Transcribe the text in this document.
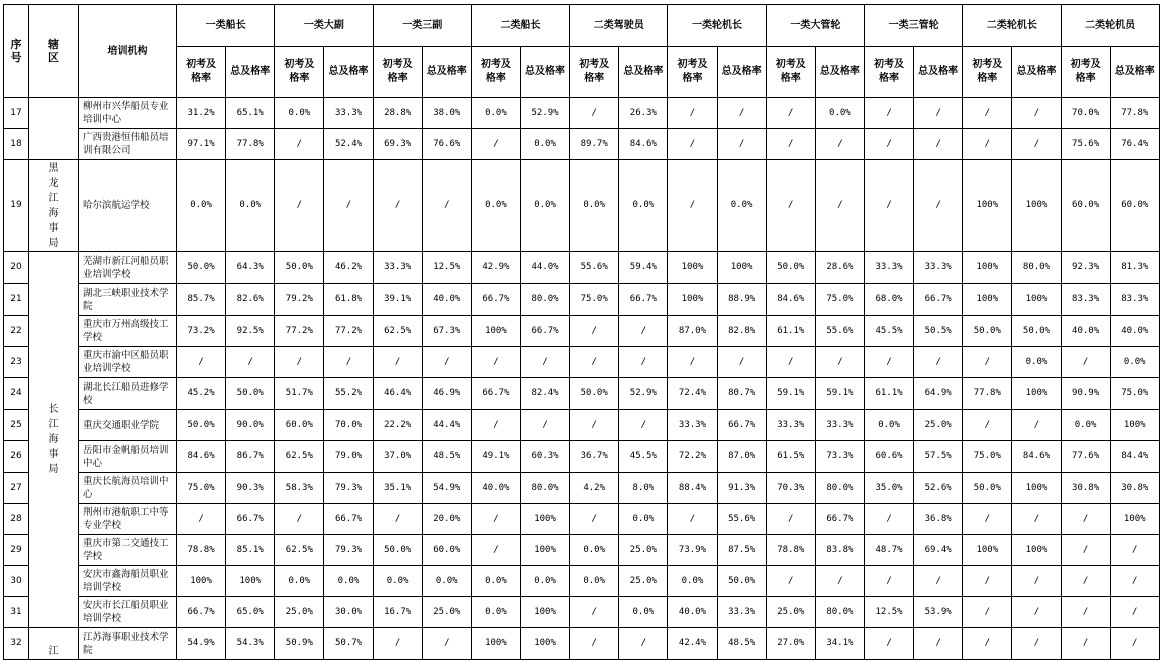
序号	辖区	培训机构	一类船长		一类大副		一类三副		二类船长		二类驾驶员		一类轮机长		一类大管轮		一类三管轮		二类轮机长		二类轮机员	
			初考及格率	总及格率	初考及格率	总及格率	初考及格率	总及格率	初考及格率	总及格率	初考及格率	总及格率	初考及格率	总及格率	初考及格率	总及格率	初考及格率	总及格率	初考及格率	总及格率	初考及格率	总及格率
17		柳州市兴华船员专业培训中心	31.2%	65.1%	0.0%	33.3%	28.8%	38.0%	0.0%	52.9%	/	26.3%	/	/	/	0.0%	/	/	/	/	70.0%	77.8%
18		广西贵港恒伟船员培训有限公司	97.1%	77.8%	/	52.4%	69.3%	76.6%	/	0.0%	89.7%	84.6%	/	/	/	/	/	/	/	/	75.6%	76.4%
19	黑龙江海事局	哈尔滨航运学校	0.0%	0.0%	/	/	/	/	0.0%	0.0%	0.0%	0.0%	/	0.0%	/	/	/	/	100%	100%	60.0%	60.0%
20	长江海事局	芜湖市新江河船员职业培训学校	50.0%	64.3%	50.0%	46.2%	33.3%	12.5%	42.9%	44.0%	55.6%	59.4%	100%	100%	50.0%	28.6%	33.3%	33.3%	100%	80.0%	92.3%	81.3%
21		湖北三峡职业技术学院	85.7%	82.6%	79.2%	61.8%	39.1%	40.0%	66.7%	80.0%	75.0%	66.7%	100%	88.9%	84.6%	75.0%	68.0%	66.7%	100%	100%	83.3%	83.3%
22		重庆市万州高级技工学校	73.2%	92.5%	77.2%	77.2%	62.5%	67.3%	100%	66.7%	/	/	87.0%	82.8%	61.1%	55.6%	45.5%	50.5%	50.0%	50.0%	40.0%	40.0%
23		重庆市渝中区船员职业培训学校	/	/	/	/	/	/	/	/	/	/	/	/	/	/	/	/	/	0.0%	/	0.0%
24		湖北长江船员进修学校	45.2%	50.0%	51.7%	55.2%	46.4%	46.9%	66.7%	82.4%	50.0%	52.9%	72.4%	80.7%	59.1%	59.1%	61.1%	64.9%	77.8%	100%	90.9%	75.0%
25		重庆交通职业学院	50.0%	90.0%	60.0%	70.0%	22.2%	44.4%	/	/	/	/	33.3%	66.7%	33.3%	33.3%	0.0%	25.0%	/	/	0.0%	100%
26		岳阳市金帆船员培训中心	84.6%	86.7%	62.5%	79.0%	37.0%	48.5%	49.1%	60.3%	36.7%	45.5%	72.2%	87.0%	61.5%	73.3%	60.6%	57.5%	75.0%	84.6%	77.6%	84.4%
27		重庆长航海员培训中心	75.0%	90.3%	58.3%	79.3%	35.1%	54.9%	40.0%	80.0%	4.2%	8.0%	88.4%	91.3%	70.3%	80.0%	35.0%	52.6%	50.0%	100%	30.8%	30.8%
28		荆州市港航职工中等专业学校	/	66.7%	/	66.7%	/	20.0%	/	100%	/	0.0%	/	55.6%	/	66.7%	/	36.8%	/	/	/	100%
29		重庆市第二交通技工学校	78.8%	85.1%	62.5%	79.3%	50.0%	60.0%	/	100%	0.0%	25.0%	73.9%	87.5%	78.8%	83.8%	48.7%	69.4%	100%	100%	/	/
30		安庆市鑫海船员职业培训学校	100%	100%	0.0%	0.0%	0.0%	0.0%	0.0%	0.0%	0.0%	25.0%	0.0%	50.0%	/	/	/	/	/	/	/	/
31		安庆市长江船员职业培训学校	66.7%	65.0%	25.0%	30.0%	16.7%	25.0%	0.0%	100%	/	0.0%	40.0%	33.3%	25.0%	80.0%	12.5%	53.9%	/	/	/	/
32	江	江苏海事职业技术学院	54.9%	54.3%	50.9%	50.7%	/	/	100%	100%	/	/	42.4%	48.5%	27.0%	34.1%	/	/	/	/	/	/
